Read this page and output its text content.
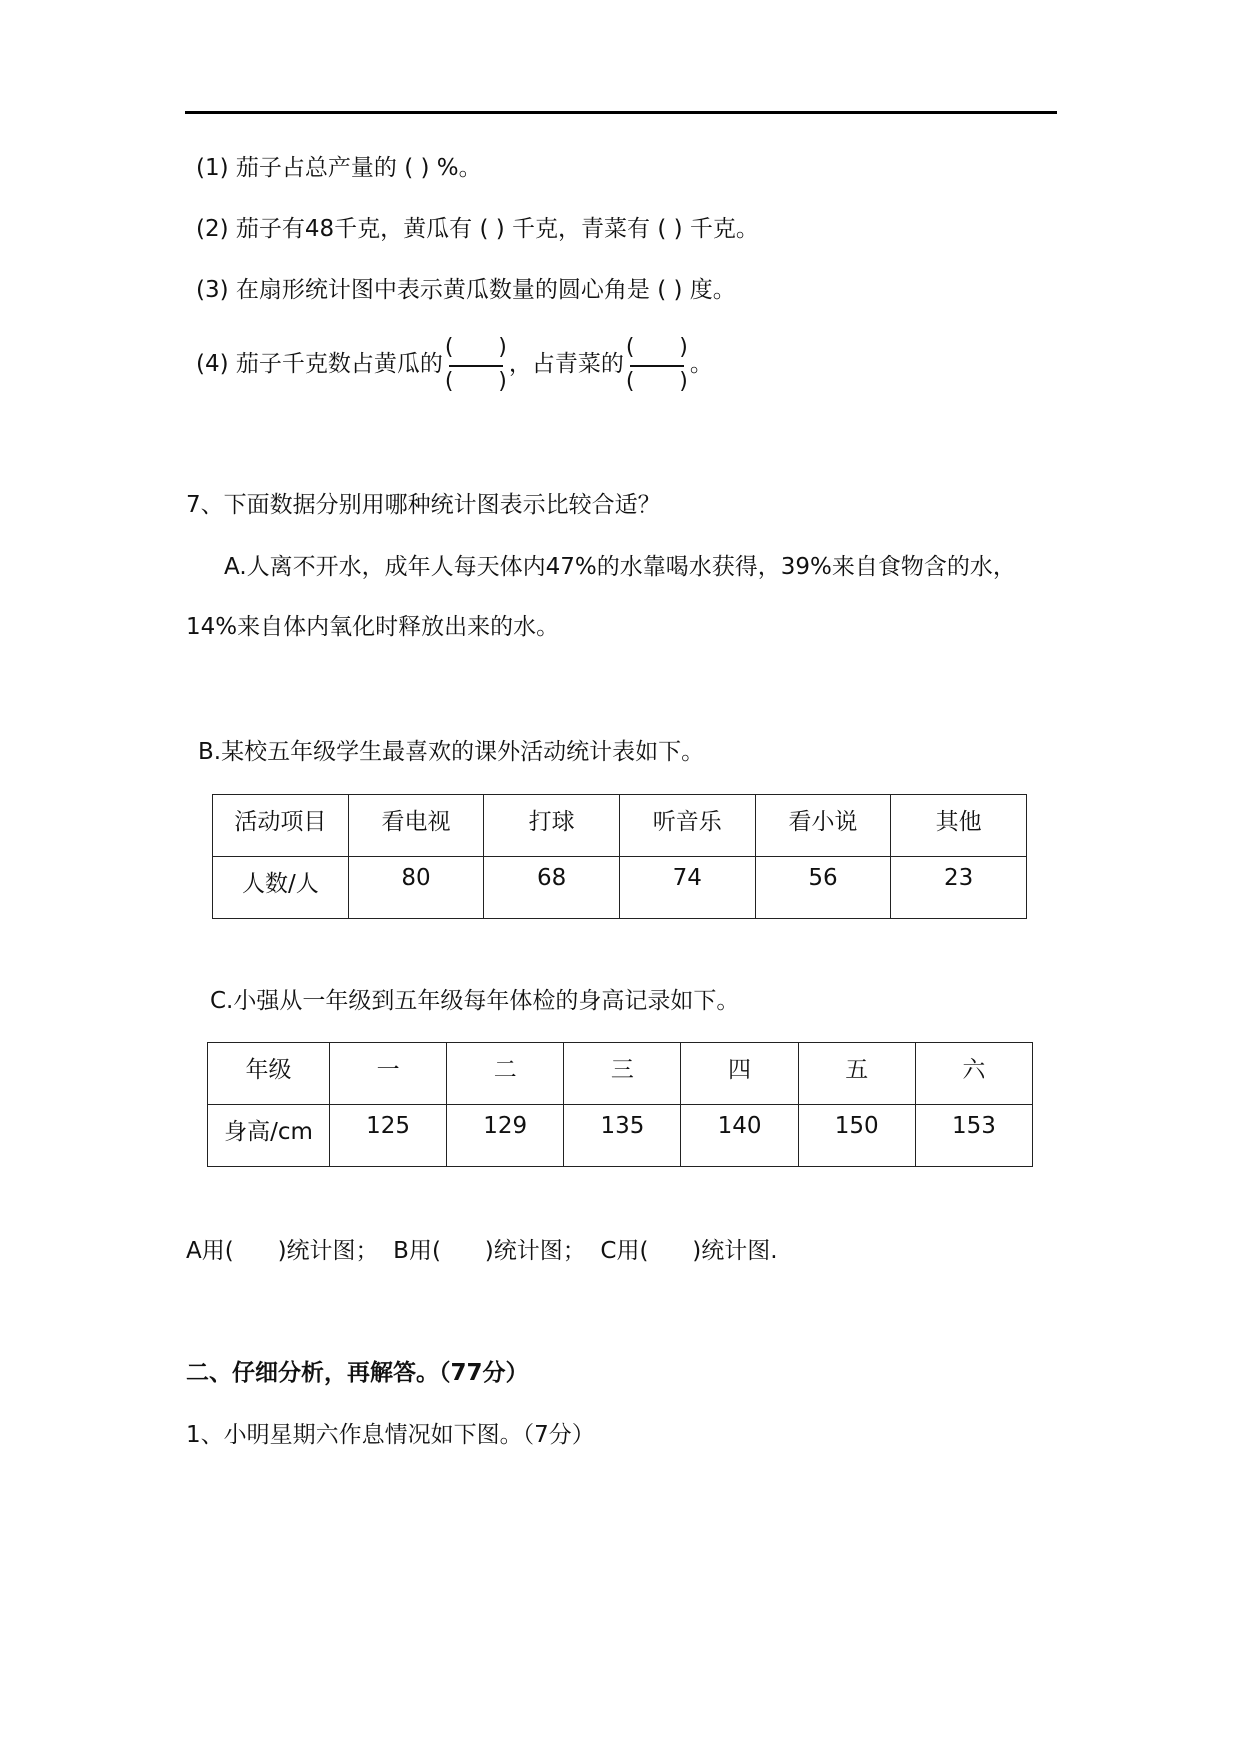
(1) 茄子占总产量的 ( ) %。
(2) 茄子有48千克，黄瓜有 ( ) 千克，青菜有 ( ) 千克。
(3) 在扇形统计图中表示黄瓜数量的圆心角是 ( ) 度。
(4) 茄子千克数占黄瓜的
( )
( )
，占青菜的
( )
( )
。
7、下面数据分别用哪种统计图表示比较合适？
A.人离不开水，成年人每天体内47%的水靠喝水获得，39%来自食物含的水，
14%来自体内氧化时释放出来的水。
B.某校五年级学生最喜欢的课外活动统计表如下。
活动项目	看电视	打球	听音乐	看小说	其他
人数/人	80	68	74	56	23
C.小强从一年级到五年级每年体检的身高记录如下。
年级	一	二	三	四	五	六
身高/cm	125	129	135	140	150	153
A用(      )统计图；  B用(      )统计图；  C用(      )统计图.
二、仔细分析，再解答。（77分）
1、小明星期六作息情况如下图。（7分）
